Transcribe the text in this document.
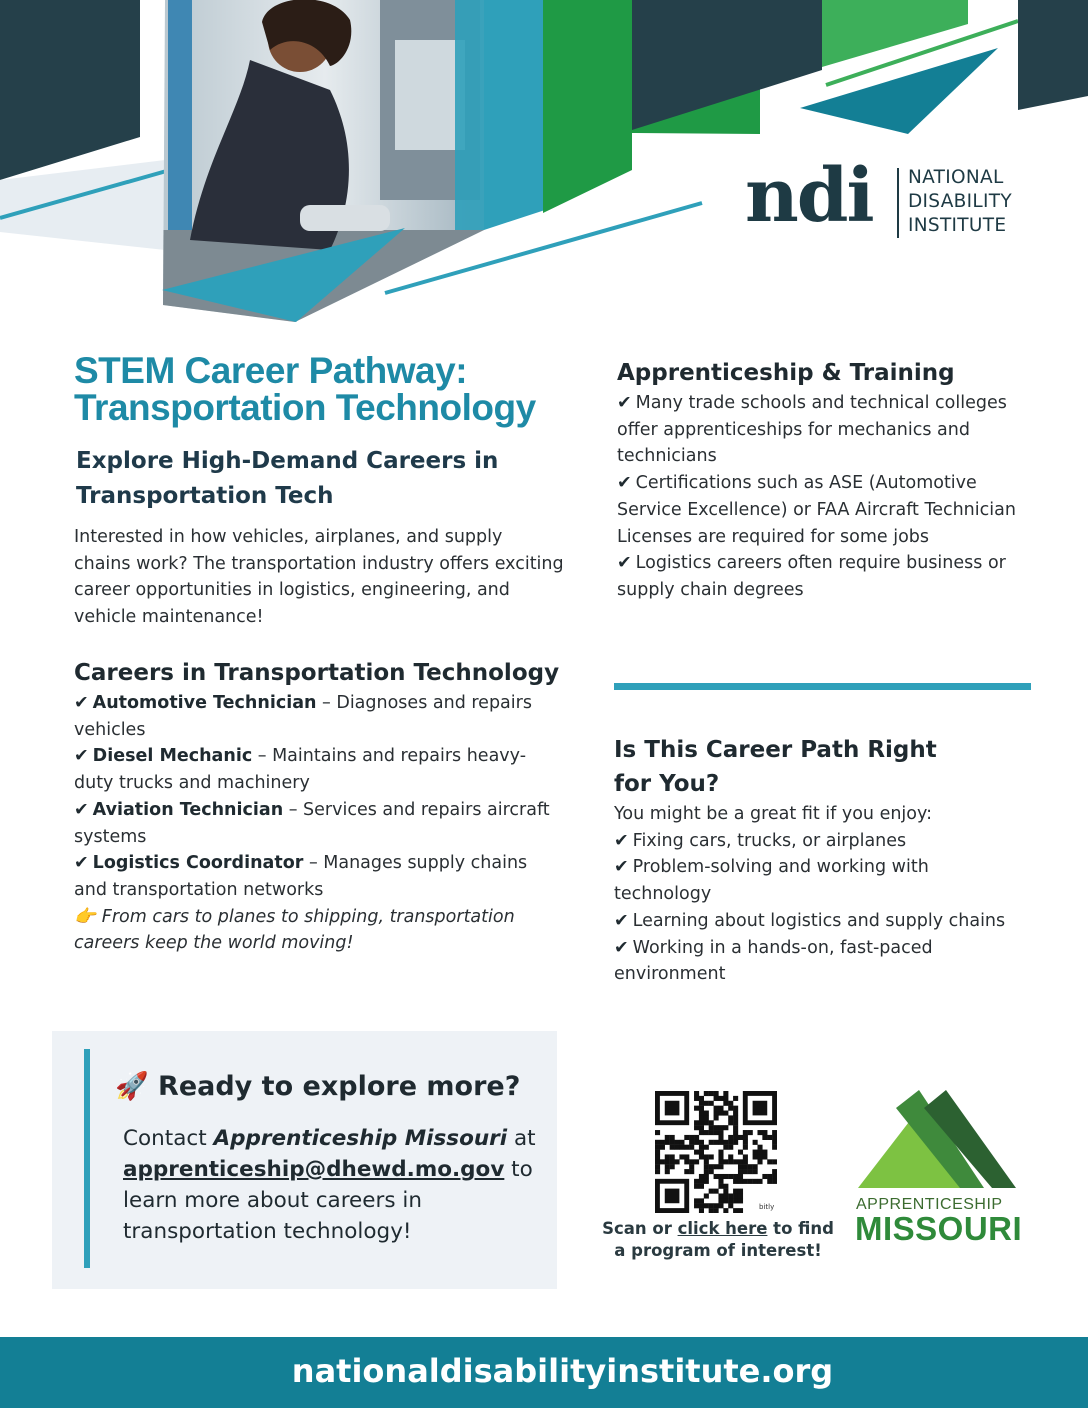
ndi NATIONAL
DISABILITY
INSTITUTE
STEM Career Pathway:
Transportation Technology
Explore High-Demand Careers in
Transportation Tech

Interested in how vehicles, airplanes, and supply chains work? The transportation industry offers exciting career opportunities in logistics, engineering, and vehicle maintenance!

Careers in Transportation Technology
✔ Automotive Technician – Diagnoses and repairs vehicles
✔ Diesel Mechanic – Maintains and repairs heavy-duty trucks and machinery
✔ Aviation Technician – Services and repairs aircraft systems
✔ Logistics Coordinator – Manages supply chains and transportation networks
👉 From cars to planes to shipping, transportation careers keep the world moving!
Apprenticeship & Training
✔ Many trade schools and technical colleges offer apprenticeships for mechanics and technicians
✔ Certifications such as ASE (Automotive Service Excellence) or FAA Aircraft Technician Licenses are required for some jobs
✔ Logistics careers often require business or supply chain degrees
Is This Career Path Right for You?
You might be a great fit if you enjoy:
✔ Fixing cars, trucks, or airplanes
✔ Problem-solving and working with technology
✔ Learning about logistics and supply chains
✔ Working in a hands-on, fast-paced environment
🚀 Ready to explore more?

Contact Apprenticeship Missouri at apprenticeship@dhewd.mo.gov to learn more about careers in transportation technology!

bitly
Scan or click here to find a program of interest!
APPRENTICESHIP
MISSOURI
nationaldisabilityinstitute.org
